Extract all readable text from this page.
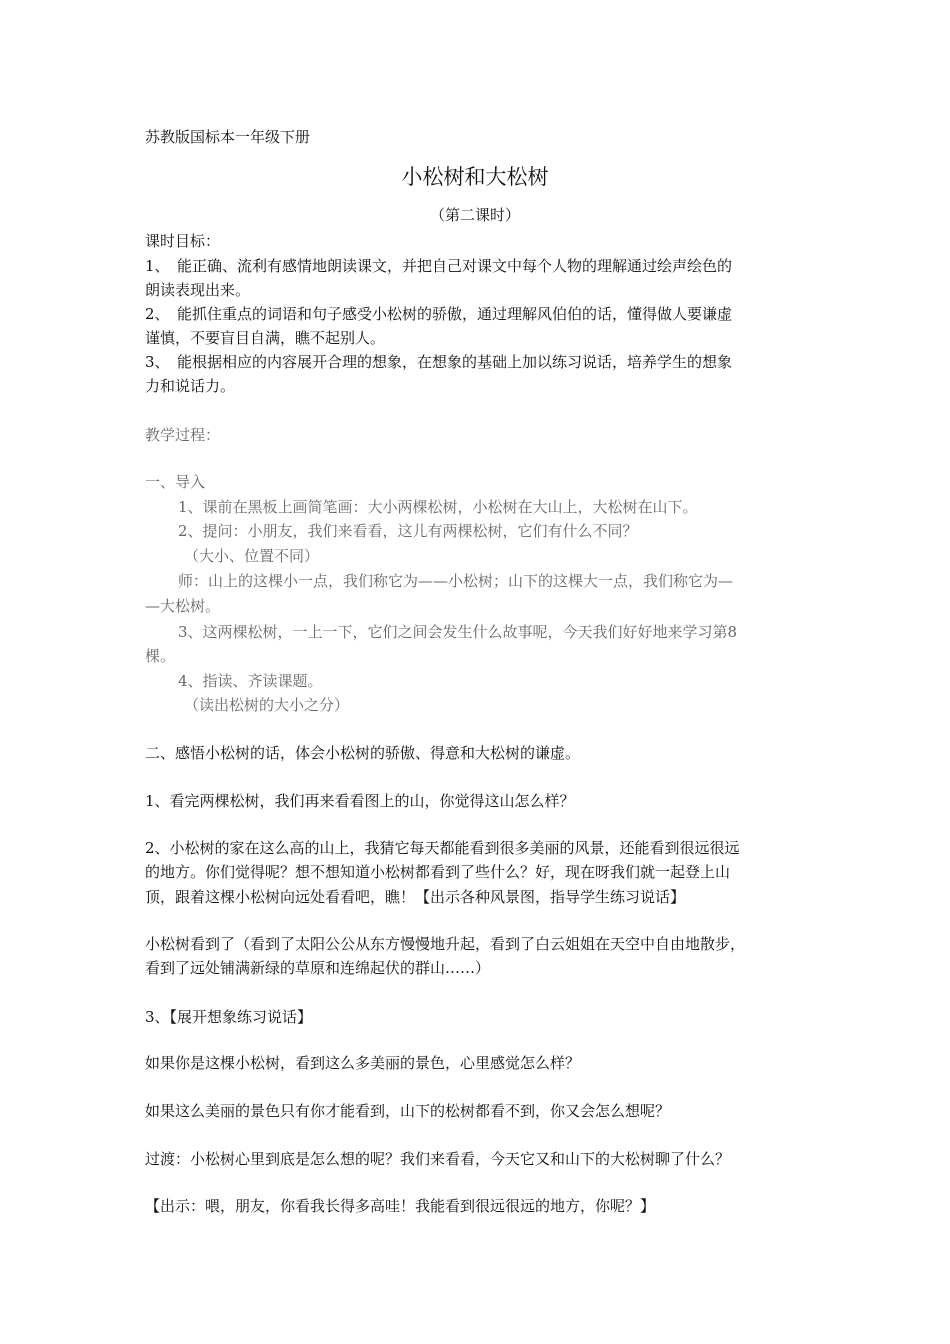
苏教版国标本一年级下册
小松树和大松树
（第二课时）
课时目标：
1、　能正确、流利有感情地朗读课文，并把自己对课文中每个人物的理解通过绘声绘色的
朗读表现出来。
2、　能抓住重点的词语和句子感受小松树的骄傲，通过理解风伯伯的话，懂得做人要谦虚
谨慎，不要盲目自满，瞧不起别人。
3、　能根据相应的内容展开合理的想象，在想象的基础上加以练习说话，培养学生的想象
力和说话力。
教学过程：
一、导入
1、课前在黑板上画简笔画：大小两棵松树，小松树在大山上，大松树在山下。
2、提问：小朋友，我们来看看，这儿有两棵松树，它们有什么不同？
（大小、位置不同）
师：山上的这棵小一点，我们称它为——小松树；山下的这棵大一点，我们称它为—
—大松树。
3、这两棵松树，一上一下，它们之间会发生什么故事呢，今天我们好好地来学习第8
棵。
4、指读、齐读课题。
（读出松树的大小之分）
二、感悟小松树的话，体会小松树的骄傲、得意和大松树的谦虚。
1、看完两棵松树，我们再来看看图上的山，你觉得这山怎么样？
2、小松树的家在这么高的山上，我猜它每天都能看到很多美丽的风景，还能看到很远很远
的地方。你们觉得呢？想不想知道小松树都看到了些什么？好，现在呀我们就一起登上山
顶，跟着这棵小松树向远处看看吧，瞧！【出示各种风景图，指导学生练习说话】
小松树看到了（看到了太阳公公从东方慢慢地升起，看到了白云姐姐在天空中自由地散步，
看到了远处铺满新绿的草原和连绵起伏的群山……）
3、【展开想象练习说话】
如果你是这棵小松树，看到这么多美丽的景色，心里感觉怎么样？
如果这么美丽的景色只有你才能看到，山下的松树都看不到，你又会怎么想呢？
过渡：小松树心里到底是怎么想的呢？我们来看看，今天它又和山下的大松树聊了什么？
【出示：喂，朋友，你看我长得多高哇！我能看到很远很远的地方，你呢？】
